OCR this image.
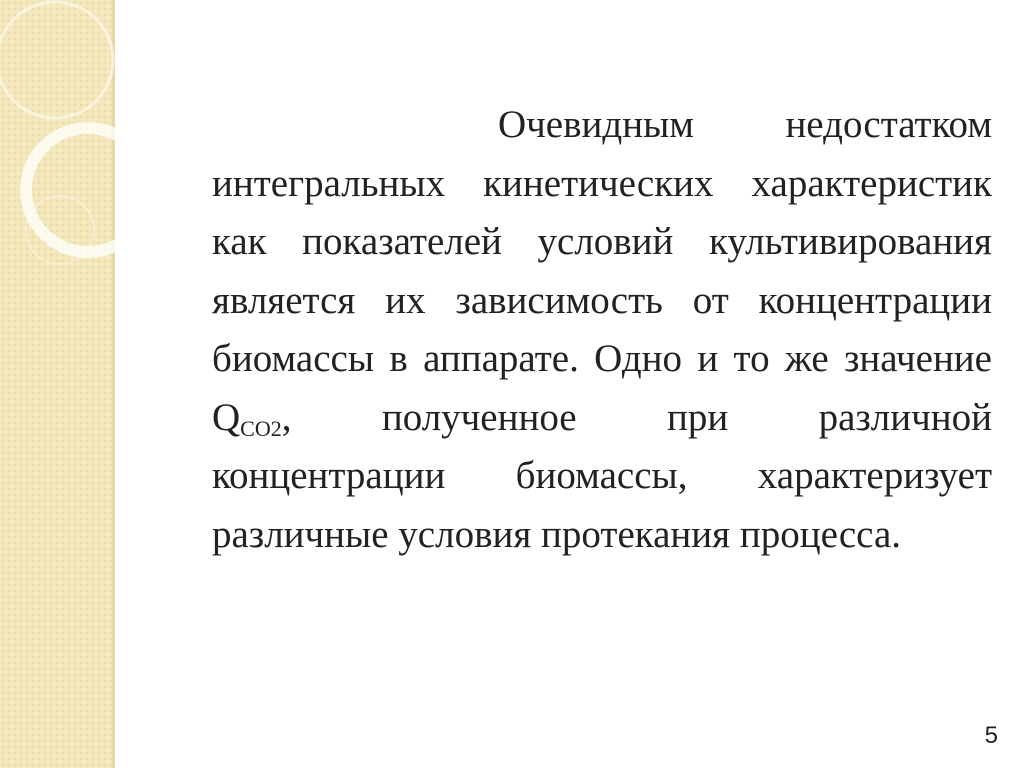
Очевидным недостатком интегральных кинетических характеристик как показателей условий культивирования является их зависимость от концентрации биомассы в аппарате. Одно и то же значение $Q_{CO2}$, полученное при различной концентрации биомассы, характеризует различные условия протекания процесса.

5
